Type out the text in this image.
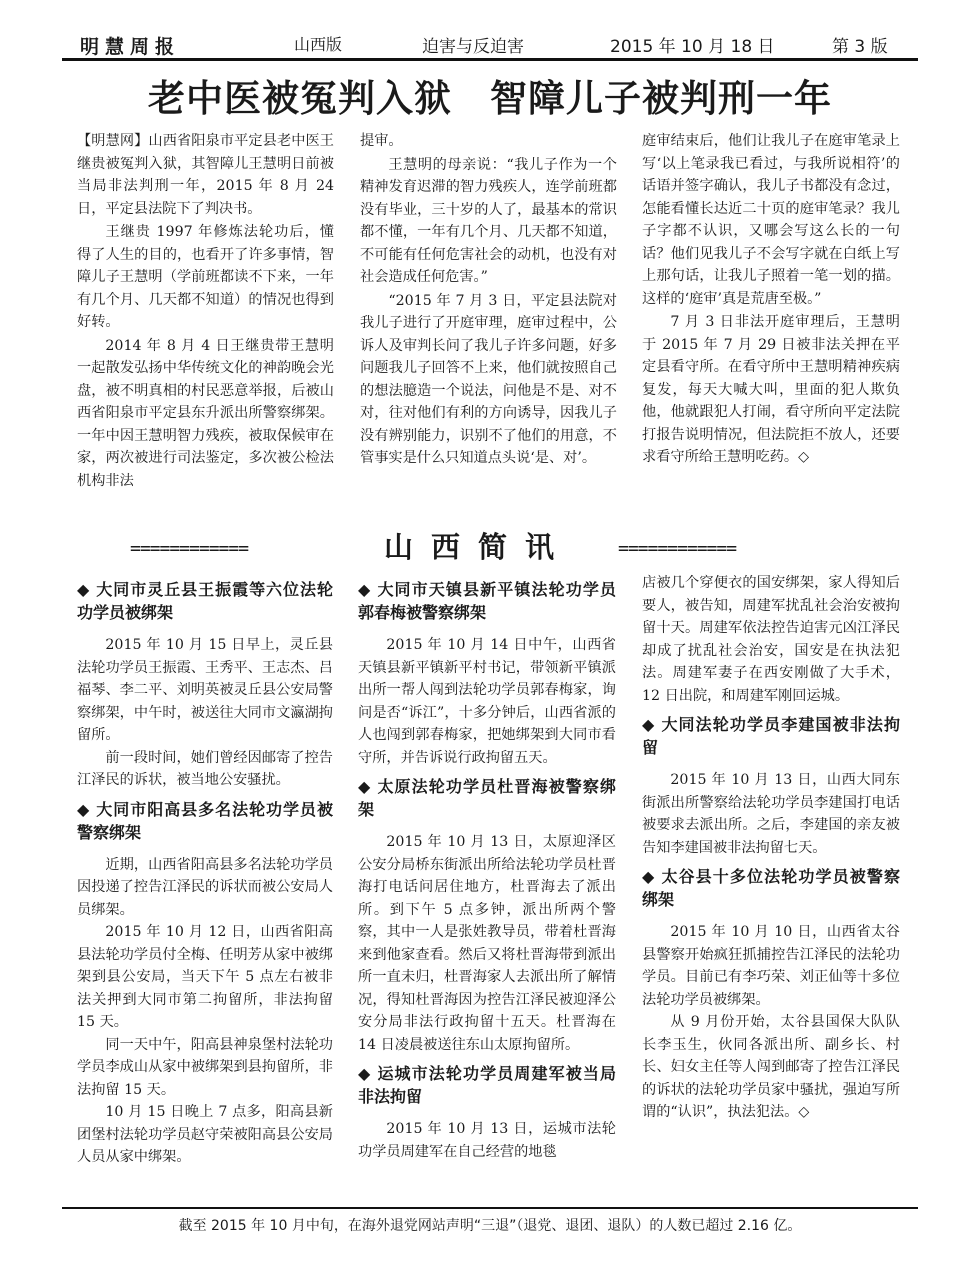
明慧周报	山西版	迫害与反迫害	2015 年 10 月 18 日	第 3 版
老中医被冤判入狱　智障儿子被判刑一年

【明慧网】山西省阳泉市平定县老中医王继贵被冤判入狱，其智障儿王慧明日前被当局非法判刑一年，2015 年 8 月 24 日，平定县法院下了判决书。

王继贵 1997 年修炼法轮功后，懂得了人生的目的，也看开了许多事情，智障儿子王慧明（学前班都读不下来，一年有几个月、几天都不知道）的情况也得到好转。

2014 年 8 月 4 日王继贵带王慧明一起散发弘扬中华传统文化的神韵晚会光盘，被不明真相的村民恶意举报，后被山西省阳泉市平定县东升派出所警察绑架。一年中因王慧明智力残疾，被取保候审在家，两次被进行司法鉴定，多次被公检法机构非法

提审。

王慧明的母亲说：“我儿子作为一个精神发育迟滞的智力残疾人，连学前班都没有毕业，三十岁的人了，最基本的常识都不懂，一年有几个月、几天都不知道，不可能有任何危害社会的动机，也没有对社会造成任何危害。”

“2015 年 7 月 3 日，平定县法院对我儿子进行了开庭审理，庭审过程中，公诉人及审判长问了我儿子许多问题，好多问题我儿子回答不上来，他们就按照自己的想法臆造一个说法，问他是不是、对不对，往对他们有利的方向诱导，因我儿子没有辨别能力，识别不了他们的用意，不管事实是什么只知道点头说‘是、对’。

庭审结束后，他们让我儿子在庭审笔录上写‘以上笔录我已看过，与我所说相符’的话语并签字确认，我儿子书都没有念过，怎能看懂长达近二十页的庭审笔录？我儿子字都不认识，又哪会写这么长的一句话？他们见我儿子不会写字就在白纸上写上那句话，让我儿子照着一笔一划的描。这样的‘庭审’真是荒唐至极。”

7 月 3 日非法开庭审理后，王慧明于 2015 年 7 月 29 日被非法关押在平定县看守所。在看守所中王慧明精神疾病复发，每天大喊大叫，里面的犯人欺负他，他就跟犯人打闹，看守所向平定法院打报告说明情况，但法院拒不放人，还要求看守所给王慧明吃药。◇

============	山西简讯	============
◆ 大同市灵丘县王振霞等六位法轮功学员被绑架

2015 年 10 月 15 日早上，灵丘县法轮功学员王振霞、王秀平、王志杰、吕福琴、李二平、刘明英被灵丘县公安局警察绑架，中午时，被送往大同市文瀛湖拘留所。

前一段时间，她们曾经因邮寄了控告江泽民的诉状，被当地公安骚扰。

◆ 大同市阳高县多名法轮功学员被警察绑架

近期，山西省阳高县多名法轮功学员因投递了控告江泽民的诉状而被公安局人员绑架。

2015 年 10 月 12 日，山西省阳高县法轮功学员付全梅、任明芳从家中被绑架到县公安局，当天下午 5 点左右被非法关押到大同市第二拘留所，非法拘留 15 天。

同一天中午，阳高县神泉堡村法轮功学员李成山从家中被绑架到县拘留所，非法拘留 15 天。

10 月 15 日晚上 7 点多，阳高县新团堡村法轮功学员赵守荣被阳高县公安局人员从家中绑架。

◆ 大同市天镇县新平镇法轮功学员郭春梅被警察绑架

2015 年 10 月 14 日中午，山西省天镇县新平镇新平村书记，带领新平镇派出所一帮人闯到法轮功学员郭春梅家，询问是否“诉江”，十多分钟后，山西省派的人也闯到郭春梅家，把她绑架到大同市看守所，并告诉说行政拘留五天。

◆ 太原法轮功学员杜晋海被警察绑架

2015 年 10 月 13 日，太原迎泽区公安分局桥东街派出所给法轮功学员杜晋海打电话问居住地方，杜晋海去了派出所。到下午 5 点多钟，派出所两个警察，其中一人是张姓教导员，带着杜晋海来到他家查看。然后又将杜晋海带到派出所一直未归，杜晋海家人去派出所了解情况，得知杜晋海因为控告江泽民被迎泽公安分局非法行政拘留十五天。杜晋海在 14 日凌晨被送往东山太原拘留所。

◆ 运城市法轮功学员周建军被当局非法拘留

2015 年 10 月 13 日，运城市法轮功学员周建军在自己经营的地毯

店被几个穿便衣的国安绑架，家人得知后要人，被告知，周建军扰乱社会治安被拘留十天。周建军依法控告迫害元凶江泽民却成了扰乱社会治安，国安是在执法犯法。周建军妻子在西安刚做了大手术，12 日出院，和周建军刚回运城。

◆ 大同法轮功学员李建国被非法拘留

2015 年 10 月 13 日，山西大同东街派出所警察给法轮功学员李建国打电话被要求去派出所。之后，李建国的亲友被告知李建国被非法拘留七天。

◆ 太谷县十多位法轮功学员被警察绑架

2015 年 10 月 10 日，山西省太谷县警察开始疯狂抓捕控告江泽民的法轮功学员。目前已有李巧荣、刘正仙等十多位法轮功学员被绑架。

从 9 月份开始，太谷县国保大队队长李玉生，伙同各派出所、副乡长、村长、妇女主任等人闯到邮寄了控告江泽民的诉状的法轮功学员家中骚扰，强迫写所谓的“认识”，执法犯法。◇

截至 2015 年 10 月中旬，在海外退党网站声明“三退”（退党、退团、退队）的人数已超过 2.16 亿。
